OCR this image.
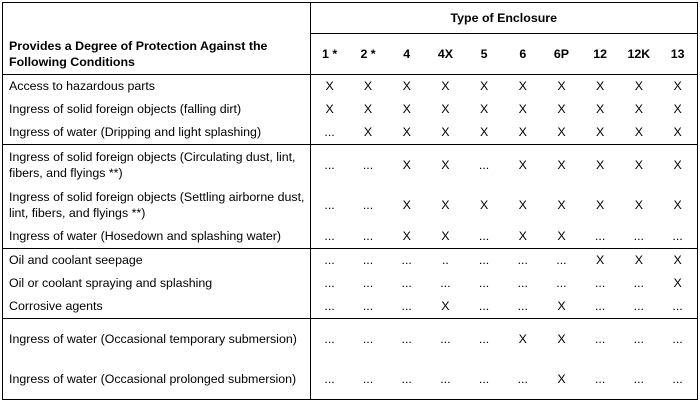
	Type of Enclosure									
Provides a Degree of Protection Against the Following Conditions	1 *	2 *	4	4X	5	6	6P	12	12K	13
Access to hazardous parts	X	X	X	X	X	X	X	X	X	X
Ingress of solid foreign objects (falling dirt)	X	X	X	X	X	X	X	X	X	X
Ingress of water (Dripping and light splashing)	...	X	X	X	X	X	X	X	X	X
Ingress of solid foreign objects (Circulating dust, lint, fibers, and flyings **)	...	...	X	X	...	X	X	X	X	X
Ingress of solid foreign objects (Settling airborne dust, lint, fibers, and flyings **)	...	...	X	X	X	X	X	X	X	X
Ingress of water (Hosedown and splashing water)	...	...	X	X	...	X	X	...	...	...
Oil and coolant seepage	...	...	...	..	...	...	...	X	X	X
Oil or coolant spraying and splashing	...	...	...	...	...	...	...	...	...	X
Corrosive agents	...	...	...	X	...	...	X	...	...	...
Ingress of water (Occasional temporary submersion)	...	...	...	...	...	X	X	...	...	...
Ingress of water (Occasional prolonged submersion)	...	...	...	...	...	...	X	...	...	...
